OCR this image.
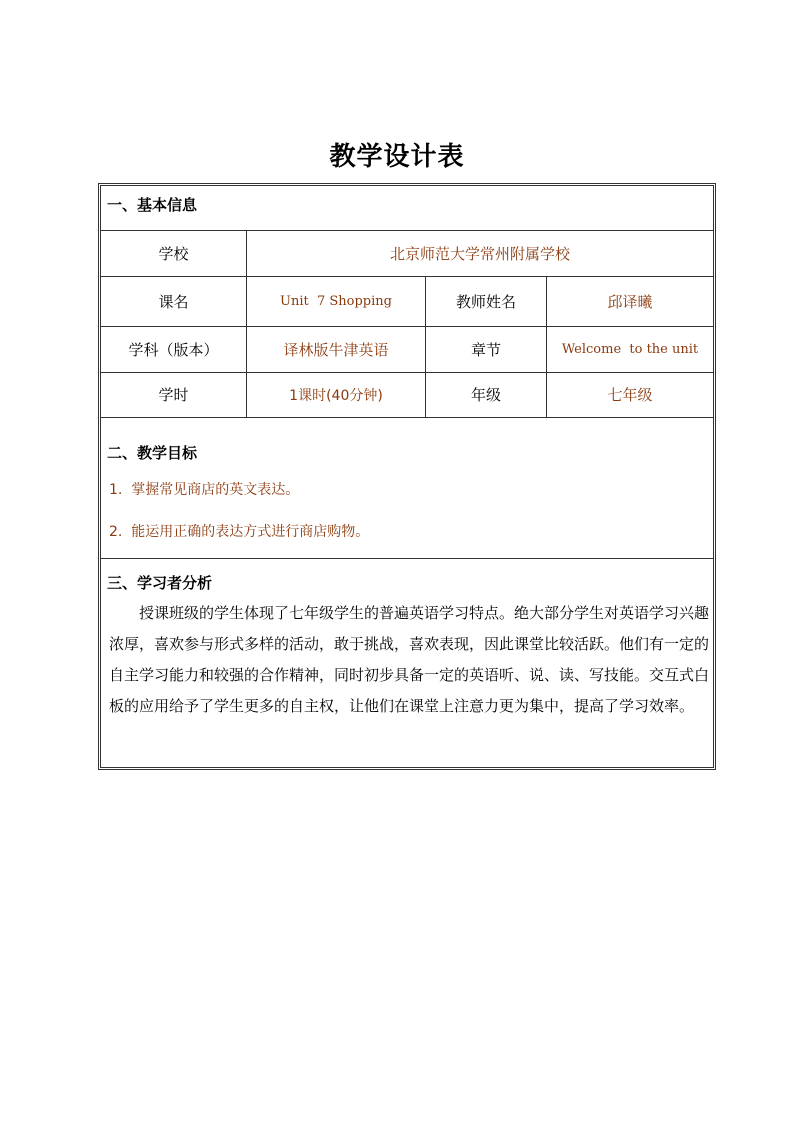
教学设计表
一、基本信息
学校	北京师范大学常州附属学校
课名	Unit  7 Shopping	教师姓名	邱译曦
学科（版本）	译林版牛津英语	章节	Welcome  to the unit
学时	1课时(40分钟)	年级	七年级
二、教学目标
1.  掌握常见商店的英文表达。
2.  能运用正确的表达方式进行商店购物。
三、学习者分析
授课班级的学生体现了七年级学生的普遍英语学习特点。绝大部分学生对英语学习兴趣浓厚，喜欢参与形式多样的活动，敢于挑战，喜欢表现，因此课堂比较活跃。他们有一定的自主学习能力和较强的合作精神，同时初步具备一定的英语听、说、读、写技能。交互式白板的应用给予了学生更多的自主权，让他们在课堂上注意力更为集中，提高了学习效率。
